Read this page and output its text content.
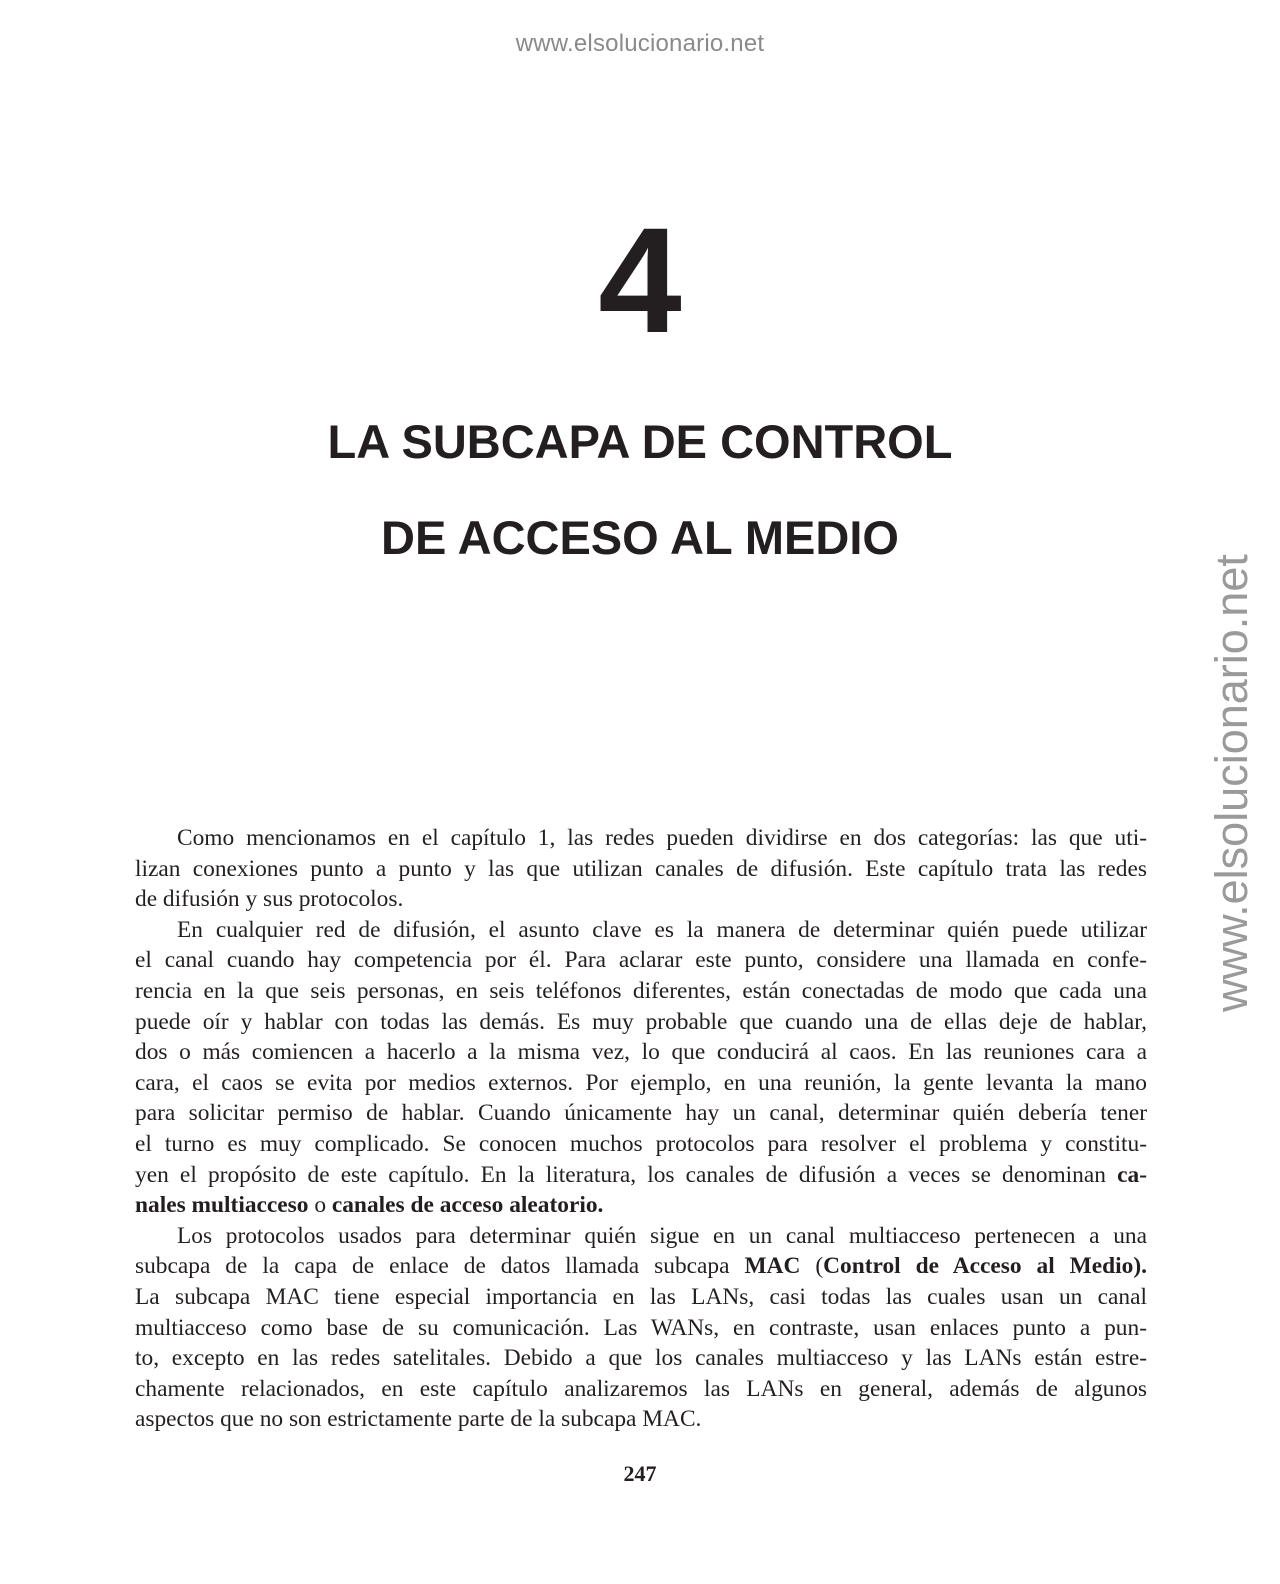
www.elsolucionario.net
www.elsolucionario.net
4
LA SUBCAPA DE CONTROL
DE ACCESO AL MEDIO
Como mencionamos en el capítulo 1, las redes pueden dividirse en dos categorías: las que uti-
lizan conexiones punto a punto y las que utilizan canales de difusión. Este capítulo trata las redes
de difusión y sus protocolos.
En cualquier red de difusión, el asunto clave es la manera de determinar quién puede utilizar
el canal cuando hay competencia por él. Para aclarar este punto, considere una llamada en confe-
rencia en la que seis personas, en seis teléfonos diferentes, están conectadas de modo que cada una
puede oír y hablar con todas las demás. Es muy probable que cuando una de ellas deje de hablar,
dos o más comiencen a hacerlo a la misma vez, lo que conducirá al caos. En las reuniones cara a
cara, el caos se evita por medios externos. Por ejemplo, en una reunión, la gente levanta la mano
para solicitar permiso de hablar. Cuando únicamente hay un canal, determinar quién debería tener
el turno es muy complicado. Se conocen muchos protocolos para resolver el problema y constitu-
yen el propósito de este capítulo. En la literatura, los canales de difusión a veces se denominan ca-
nales multiacceso o canales de acceso aleatorio.
Los protocolos usados para determinar quién sigue en un canal multiacceso pertenecen a una
subcapa de la capa de enlace de datos llamada subcapa MAC (Control de Acceso al Medio).
La subcapa MAC tiene especial importancia en las LANs, casi todas las cuales usan un canal
multiacceso como base de su comunicación. Las WANs, en contraste, usan enlaces punto a pun-
to, excepto en las redes satelitales. Debido a que los canales multiacceso y las LANs están estre-
chamente relacionados, en este capítulo analizaremos las LANs en general, además de algunos
aspectos que no son estrictamente parte de la subcapa MAC.
247
